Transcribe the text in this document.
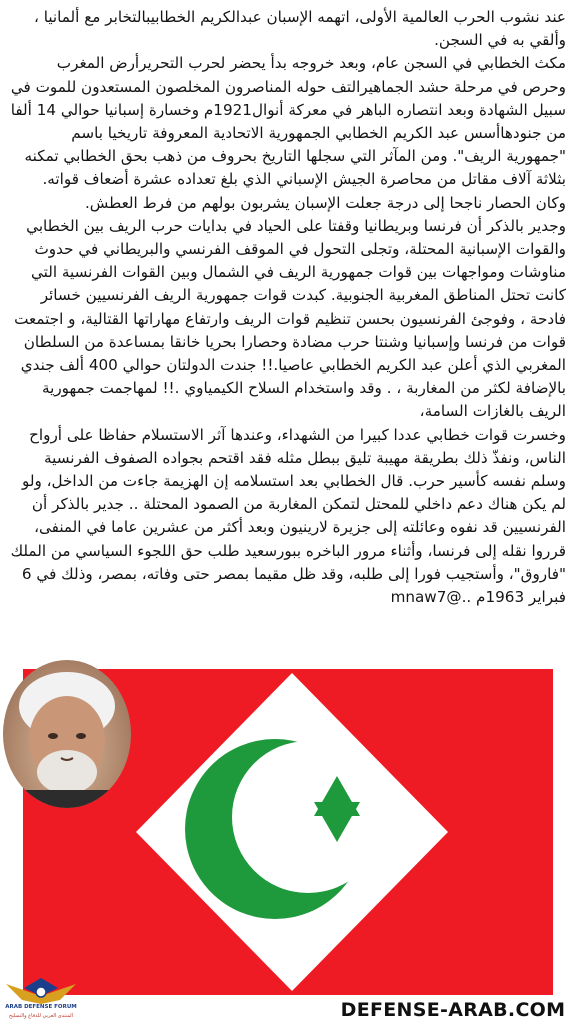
عند نشوب الحرب العالمية الأولى، اتهمه الإسبان عبدالكريم الخطابيبالتخابر مع ألمانيا ، وألقي به في السجن.

مكث الخطابي في السجن عام، وبعد خروجه بدأ يحضر لحرب التحريرأرض المغرب وحرص في مرحلة حشد الجماهيرالتف حوله المناصرون المخلصون المستعدون للموت في سبيل الشهادة وبعد انتصاره الباهر في معركة أنوال1921م وخسارة إسبانيا حوالي 14 ألفا من جنودهاأسس عبد الكريم الخطابي الجمهورية الاتحادية المعروفة تاريخيا باسم "جمهورية الريف". ومن المآثر التي سجلها التاريخ بحروف من ذهب بحق الخطابي تمكنه بثلاثة آلاف مقاتل من محاصرة الجيش الإسباني الذي بلغ تعداده عشرة أضعاف قواته. وكان الحصار ناجحا إلى درجة جعلت الإسبان يشربون بولهم من فرط العطش.

وجدير بالذكر أن فرنسا وبريطانيا وقفتا على الحياد في بدايات حرب الريف بين الخطابي والقوات الإسبانية المحتلة، وتجلى التحول في الموقف الفرنسي والبريطاني في حدوث مناوشات ومواجهات بين قوات جمهورية الريف في الشمال وبين القوات الفرنسية التي كانت تحتل المناطق المغربية الجنوبية. كبدت قوات جمهورية الريف الفرنسيين خسائر فادحة ، وفوجئ الفرنسيون بحسن تنظيم قوات الريف وارتفاع مهاراتها القتالية، و اجتمعت قوات من فرنسا وإسبانيا وشنتا حرب مضادة وحصارا بحريا خانقا بمساعدة من السلطان المغربي الذي أعلن عبد الكريم الخطابي عاصيا.!! جندت الدولتان حوالي 400 ألف جندي بالإضافة لكثر من المغاربة ، . وقد واستخدام السلاح الكيمياوي .!! لمهاجمت جمهورية الريف بالغازات السامة،

وخسرت قوات خطابي عددا كبيرا من الشهداء، وعندها آثر الاستسلام حفاظا على أرواح الناس، ونفذّ ذلك بطريقة مهيبة تليق ببطل مثله فقد اقتحم بجواده الصفوف الفرنسية وسلم نفسه كأسير حرب. قال الخطابي بعد استسلامه إن الهزيمة جاءت من الداخل، ولو لم يكن هناك دعم داخلي للمحتل لتمكن المغاربة من الصمود المحتلة .. جدير بالذكر أن الفرنسيين قد نفوه وعائلته إلى جزيرة لارينيون وبعد أكثر من عشرين عاما في المنفى، قرروا نقله إلى فرنسا، وأثناء مرور الباخره ببورسعيد طلب حق اللجوء السياسي من الملك "فاروق"، وأستجيب فورا إلى طلبه، وقد ظل مقيما بمصر حتى وفاته، بمصر، وذلك في 6 فبراير 1963م ..@mnaw7

ARAB DEFENSE FORUM
المنتدى العربي للدفاع والتسليح	DEFENSE-ARAB.COM
